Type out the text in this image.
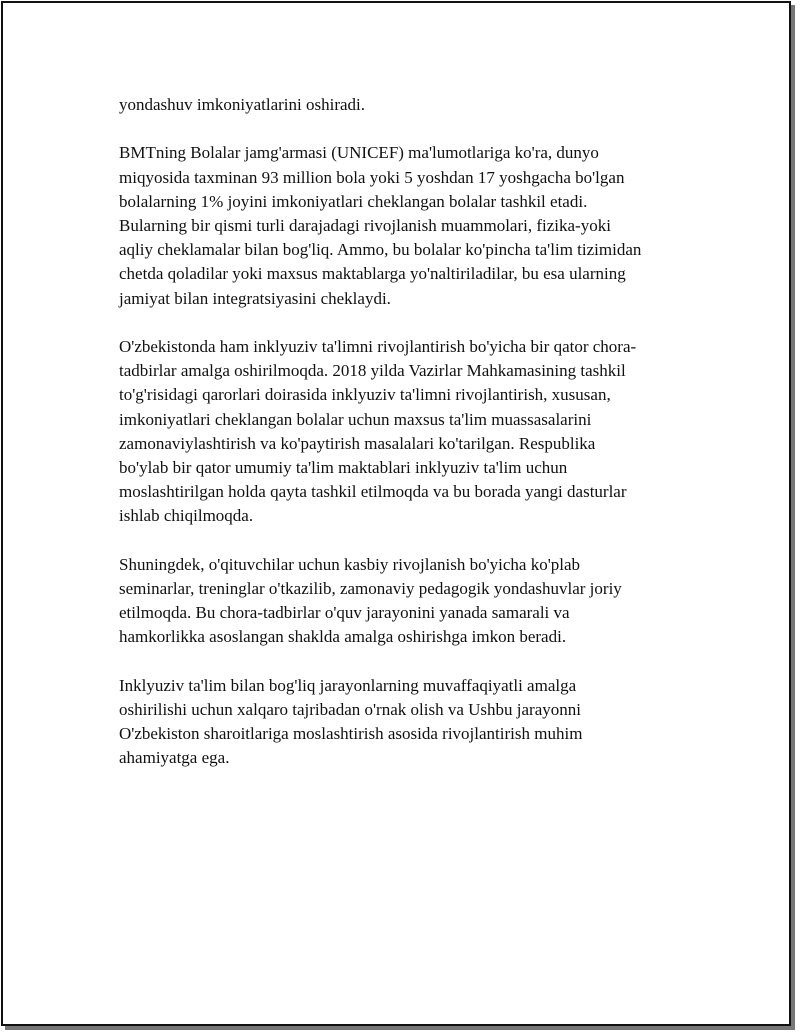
yondashuv imkoniyatlarini oshiradi.

BMTning Bolalar jamg'armasi (UNICEF) ma'lumotlariga ko'ra, dunyo
miqyosida taxminan 93 million bola yoki 5 yoshdan 17 yoshgacha bo'lgan
bolalarning 1% joyini imkoniyatlari cheklangan bolalar tashkil etadi.
Bularning bir qismi turli darajadagi rivojlanish muammolari, fizika-yoki
aqliy cheklamalar bilan bog'liq. Ammo, bu bolalar ko'pincha ta'lim tizimidan
chetda qoladilar yoki maxsus maktablarga yo'naltiriladilar, bu esa ularning
jamiyat bilan integratsiyasini cheklaydi.

O'zbekistonda ham inklyuziv ta'limni rivojlantirish bo'yicha bir qator chora-
tadbirlar amalga oshirilmoqda. 2018 yilda Vazirlar Mahkamasining tashkil
to'g'risidagi qarorlari doirasida inklyuziv ta'limni rivojlantirish, xususan,
imkoniyatlari cheklangan bolalar uchun maxsus ta'lim muassasalarini
zamonaviylashtirish va ko'paytirish masalalari ko'tarilgan. Respublika
bo'ylab bir qator umumiy ta'lim maktablari inklyuziv ta'lim uchun
moslashtirilgan holda qayta tashkil etilmoqda va bu borada yangi dasturlar
ishlab chiqilmoqda.

Shuningdek, o'qituvchilar uchun kasbiy rivojlanish bo'yicha ko'plab
seminarlar, treninglar o'tkazilib, zamonaviy pedagogik yondashuvlar joriy
etilmoqda. Bu chora-tadbirlar o'quv jarayonini yanada samarali va
hamkorlikka asoslangan shaklda amalga oshirishga imkon beradi.

Inklyuziv ta'lim bilan bog'liq jarayonlarning muvaffaqiyatli amalga
oshirilishi uchun xalqaro tajribadan o'rnak olish va Ushbu jarayonni
O'zbekiston sharoitlariga moslashtirish asosida rivojlantirish muhim
ahamiyatga ega.
